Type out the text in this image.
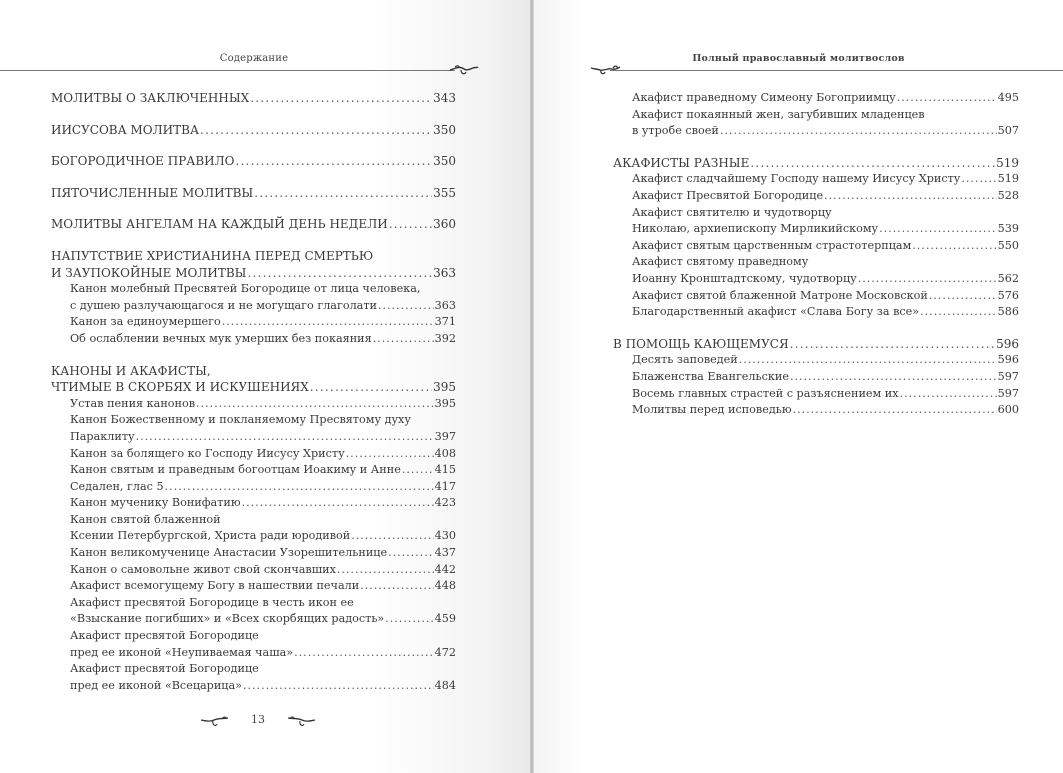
Содержание
МОЛИТВЫ О ЗАКЛЮЧЕННЫХ . . .	343
ИИСУСОВА МОЛИТВА . . .	350
БОГОРОДИЧНОЕ ПРАВИЛО . . .	350
ПЯТОЧИСЛЕННЫЕ МОЛИТВЫ . . .	355
МОЛИТВЫ АНГЕЛАМ НА КАЖДЫЙ ДЕНЬ НЕДЕЛИ . . .	360
НАПУТСТВИЕ ХРИСТИАНИНА ПЕРЕД СМЕРТЬЮ
И ЗАУПОКОЙНЫЕ МОЛИТВЫ . . .	363
Канон молебный Пресвятей Богородице от лица человека,
с душею разлучающагося и не могущаго глаголати . . .	363
Канон за единоумершего . . .	371
Об ослаблении вечных мук умерших без покаяния . . .	392
КАНОНЫ И АКАФИСТЫ,
ЧТИМЫЕ В СКОРБЯХ И ИСКУШЕНИЯХ . . .	395
Устав пения канонов . . .	395
Канон Божественному и покланяемому Пресвятому духу
Параклиту . . .	397
Канон за болящего ко Господу Иисусу Христу . . .	408
Канон святым и праведным богоотцам Иоакиму и Анне . . .	415
Седален, глас 5 . . .	417
Канон мученику Вонифатию . . .	423
Канон святой блаженной
Ксении Петербургской, Христа ради юродивой . . .	430
Канон великомученице Анастасии Узорешительнице . . .	437
Канон о самовольне живот свой скончавших . . .	442
Акафист всемогущему Богу в нашествии печали . . .	448
Акафист пресвятой Богородице в честь икон ее
«Взыскание погибших» и «Всех скорбящих радость» . . .	459
Акафист пресвятой Богородице
пред ее иконой «Неупиваемая чаша» . . .	472
Акафист пресвятой Богородице
пред ее иконой «Всецарица» . . .	484
13
Полный православный молитвослов
Акафист праведному Симеону Богоприимцу . . .	495
Акафист покаянный жен, загубивших младенцев
в утробе своей . . .	507
АКАФИСТЫ РАЗНЫЕ . . .	519
Акафист сладчайшему Господу нашему Иисусу Христу . . .	519
Акафист Пресвятой Богородице . . .	528
Акафист святителю и чудотворцу
Николаю, архиепископу Мирликийскому . . .	539
Акафист святым царственным страстотерпцам . . .	550
Акафист святому праведному
Иоанну Кронштадтскому, чудотворцу . . .	562
Акафист святой блаженной Матроне Московской . . .	576
Благодарственный акафист «Слава Богу за все» . . .	586
В ПОМОЩЬ КАЮЩЕМУСЯ . . .	596
Десять заповедей . . .	596
Блаженства Евангельские . . .	597
Восемь главных страстей с разъяснением их . . .	597
Молитвы перед исповедью . . .	600
